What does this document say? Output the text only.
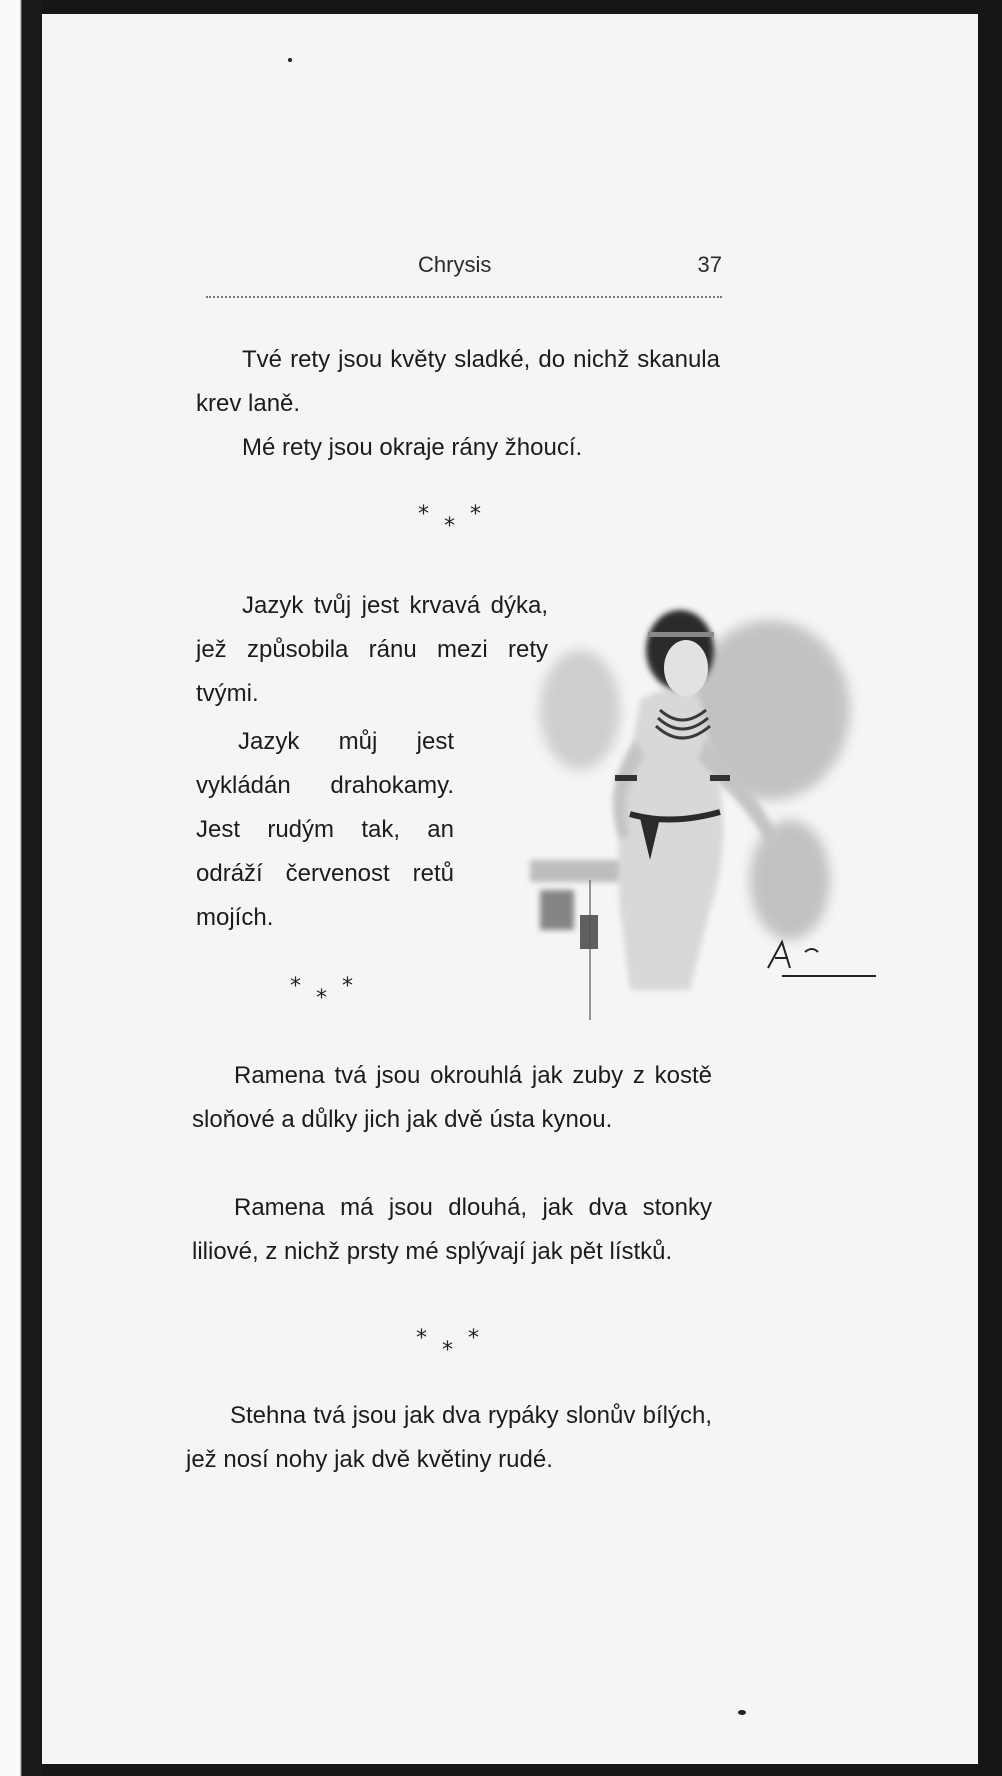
Chrysis	37

Tvé rety jsou květy sladké, do nichž skanula krev laně.

Mé rety jsou okraje rány žhoucí.

* * *

Jazyk tvůj jest krvavá dýka, jež způsobila ránu mezi rety tvými.

Jazyk můj jest vykládán drahokamy. Jest rudým tak, an odráží červenost retů mojích.

* * *

Ramena tvá jsou okrouhlá jak zuby z kostě sloňové a důlky jich jak dvě ústa kynou.

Ramena má jsou dlouhá, jak dva stonky liliové, z nichž prsty mé splývají jak pět lístků.

* * *

Stehna tvá jsou jak dva rypáky slonův bílých, jež nosí nohy jak dvě květiny rudé.
